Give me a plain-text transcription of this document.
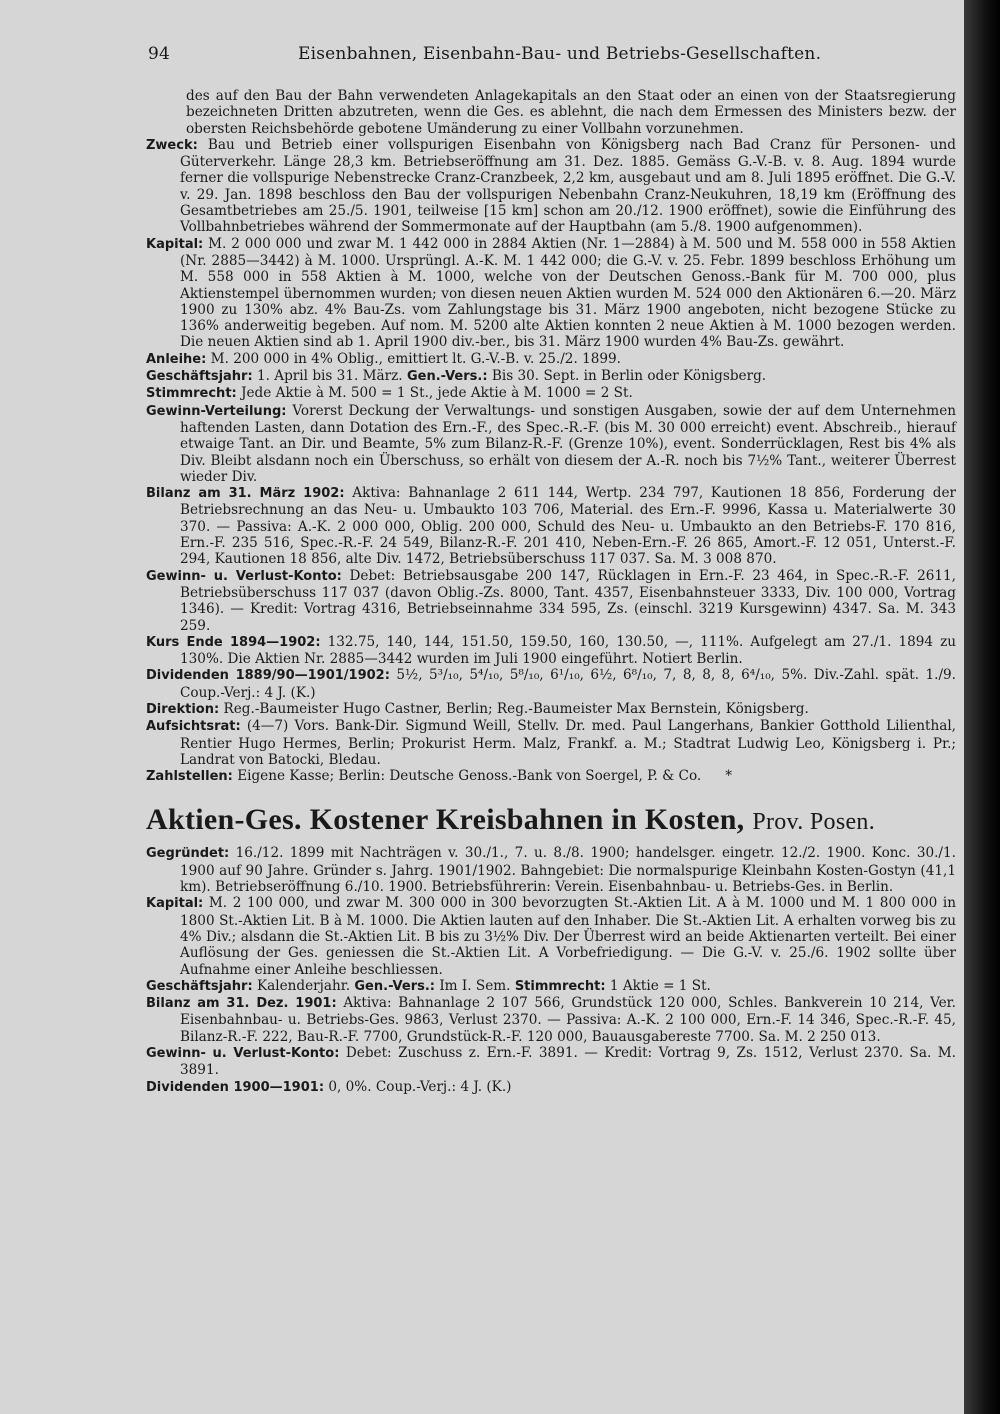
94	Eisenbahnen, Eisenbahn-Bau- und Betriebs-Gesellschaften.

des auf den Bau der Bahn verwendeten Anlagekapitals an den Staat oder an einen von der Staatsregierung bezeichneten Dritten abzutreten, wenn die Ges. es ablehnt, die nach dem Ermessen des Ministers bezw. der obersten Reichsbehörde gebotene Umänderung zu einer Vollbahn vorzunehmen.

Zweck: Bau und Betrieb einer vollspurigen Eisenbahn von Königsberg nach Bad Cranz für Personen- und Güterverkehr. Länge 28,3 km. Betriebseröffnung am 31. Dez. 1885. Gemäss G.-V.-B. v. 8. Aug. 1894 wurde ferner die vollspurige Nebenstrecke Cranz-Cranzbeek, 2,2 km, ausgebaut und am 8. Juli 1895 eröffnet. Die G.-V. v. 29. Jan. 1898 beschloss den Bau der vollspurigen Nebenbahn Cranz-Neukuhren, 18,19 km (Eröffnung des Gesamtbetriebes am 25./5. 1901, teilweise [15 km] schon am 20./12. 1900 eröffnet), sowie die Einführung des Vollbahnbetriebes während der Sommermonate auf der Hauptbahn (am 5./8. 1900 aufgenommen).

Kapital: M. 2 000 000 und zwar M. 1 442 000 in 2884 Aktien (Nr. 1—2884) à M. 500 und M. 558 000 in 558 Aktien (Nr. 2885—3442) à M. 1000. Ursprüngl. A.-K. M. 1 442 000; die G.-V. v. 25. Febr. 1899 beschloss Erhöhung um M. 558 000 in 558 Aktien à M. 1000, welche von der Deutschen Genoss.-Bank für M. 700 000, plus Aktienstempel übernommen wurden; von diesen neuen Aktien wurden M. 524 000 den Aktionären 6.—20. März 1900 zu 130% abz. 4% Bau-Zs. vom Zahlungstage bis 31. März 1900 angeboten, nicht bezogene Stücke zu 136% anderweitig begeben. Auf nom. M. 5200 alte Aktien konnten 2 neue Aktien à M. 1000 bezogen werden. Die neuen Aktien sind ab 1. April 1900 div.-ber., bis 31. März 1900 wurden 4% Bau-Zs. gewährt.

Anleihe: M. 200 000 in 4% Oblig., emittiert lt. G.-V.-B. v. 25./2. 1899.

Geschäftsjahr: 1. April bis 31. März. Gen.-Vers.: Bis 30. Sept. in Berlin oder Königsberg.

Stimmrecht: Jede Aktie à M. 500 = 1 St., jede Aktie à M. 1000 = 2 St.

Gewinn-Verteilung: Vorerst Deckung der Verwaltungs- und sonstigen Ausgaben, sowie der auf dem Unternehmen haftenden Lasten, dann Dotation des Ern.-F., des Spec.-R.-F. (bis M. 30 000 erreicht) event. Abschreib., hierauf etwaige Tant. an Dir. und Beamte, 5% zum Bilanz-R.-F. (Grenze 10%), event. Sonderrücklagen, Rest bis 4% als Div. Bleibt alsdann noch ein Überschuss, so erhält von diesem der A.-R. noch bis 7½% Tant., weiterer Überrest wieder Div.

Bilanz am 31. März 1902: Aktiva: Bahnanlage 2 611 144, Wertp. 234 797, Kautionen 18 856, Forderung der Betriebsrechnung an das Neu- u. Umbaukto 103 706, Material. des Ern.-F. 9996, Kassa u. Materialwerte 30 370. — Passiva: A.-K. 2 000 000, Oblig. 200 000, Schuld des Neu- u. Umbaukto an den Betriebs-F. 170 816, Ern.-F. 235 516, Spec.-R.-F. 24 549, Bilanz-R.-F. 201 410, Neben-Ern.-F. 26 865, Amort.-F. 12 051, Unterst.-F. 294, Kautionen 18 856, alte Div. 1472, Betriebsüberschuss 117 037. Sa. M. 3 008 870.

Gewinn- u. Verlust-Konto: Debet: Betriebsausgabe 200 147, Rücklagen in Ern.-F. 23 464, in Spec.-R.-F. 2611, Betriebsüberschuss 117 037 (davon Oblig.-Zs. 8000, Tant. 4357, Eisenbahnsteuer 3333, Div. 100 000, Vortrag 1346). — Kredit: Vortrag 4316, Betriebseinnahme 334 595, Zs. (einschl. 3219 Kursgewinn) 4347. Sa. M. 343 259.

Kurs Ende 1894—1902: 132.75, 140, 144, 151.50, 159.50, 160, 130.50, —, 111%. Aufgelegt am 27./1. 1894 zu 130%. Die Aktien Nr. 2885—3442 wurden im Juli 1900 eingeführt. Notiert Berlin.

Dividenden 1889/90—1901/1902: 5½, 5³/₁₀, 5⁴/₁₀, 5⁸/₁₀, 6¹/₁₀, 6½, 6⁸/₁₀, 7, 8, 8, 8, 6⁴/₁₀, 5%. Div.-Zahl. spät. 1./9. Coup.-Verj.: 4 J. (K.)

Direktion: Reg.-Baumeister Hugo Castner, Berlin; Reg.-Baumeister Max Bernstein, Königsberg.

Aufsichtsrat: (4—7) Vors. Bank-Dir. Sigmund Weill, Stellv. Dr. med. Paul Langerhans, Bankier Gotthold Lilienthal, Rentier Hugo Hermes, Berlin; Prokurist Herm. Malz, Frankf. a. M.; Stadtrat Ludwig Leo, Königsberg i. Pr.; Landrat von Batocki, Bledau.

Zahlstellen: Eigene Kasse; Berlin: Deutsche Genoss.-Bank von Soergel, P. & Co. *

Aktien-Ges. Kostener Kreisbahnen in Kosten, Prov. Posen.

Gegründet: 16./12. 1899 mit Nachträgen v. 30./1., 7. u. 8./8. 1900; handelsger. eingetr. 12./2. 1900. Konc. 30./1. 1900 auf 90 Jahre. Gründer s. Jahrg. 1901/1902. Bahngebiet: Die normalspurige Kleinbahn Kosten-Gostyn (41,1 km). Betriebseröffnung 6./10. 1900. Betriebsführerin: Verein. Eisenbahnbau- u. Betriebs-Ges. in Berlin.

Kapital: M. 2 100 000, und zwar M. 300 000 in 300 bevorzugten St.-Aktien Lit. A à M. 1000 und M. 1 800 000 in 1800 St.-Aktien Lit. B à M. 1000. Die Aktien lauten auf den Inhaber. Die St.-Aktien Lit. A erhalten vorweg bis zu 4% Div.; alsdann die St.-Aktien Lit. B bis zu 3½% Div. Der Überrest wird an beide Aktienarten verteilt. Bei einer Auflösung der Ges. geniessen die St.-Aktien Lit. A Vorbefriedigung. — Die G.-V. v. 25./6. 1902 sollte über Aufnahme einer Anleihe beschliessen.

Geschäftsjahr: Kalenderjahr. Gen.-Vers.: Im I. Sem. Stimmrecht: 1 Aktie = 1 St.

Bilanz am 31. Dez. 1901: Aktiva: Bahnanlage 2 107 566, Grundstück 120 000, Schles. Bankverein 10 214, Ver. Eisenbahnbau- u. Betriebs-Ges. 9863, Verlust 2370. — Passiva: A.-K. 2 100 000, Ern.-F. 14 346, Spec.-R.-F. 45, Bilanz-R.-F. 222, Bau-R.-F. 7700, Grundstück-R.-F. 120 000, Bauausgabereste 7700. Sa. M. 2 250 013.

Gewinn- u. Verlust-Konto: Debet: Zuschuss z. Ern.-F. 3891. — Kredit: Vortrag 9, Zs. 1512, Verlust 2370. Sa. M. 3891.

Dividenden 1900—1901: 0, 0%. Coup.-Verj.: 4 J. (K.)
